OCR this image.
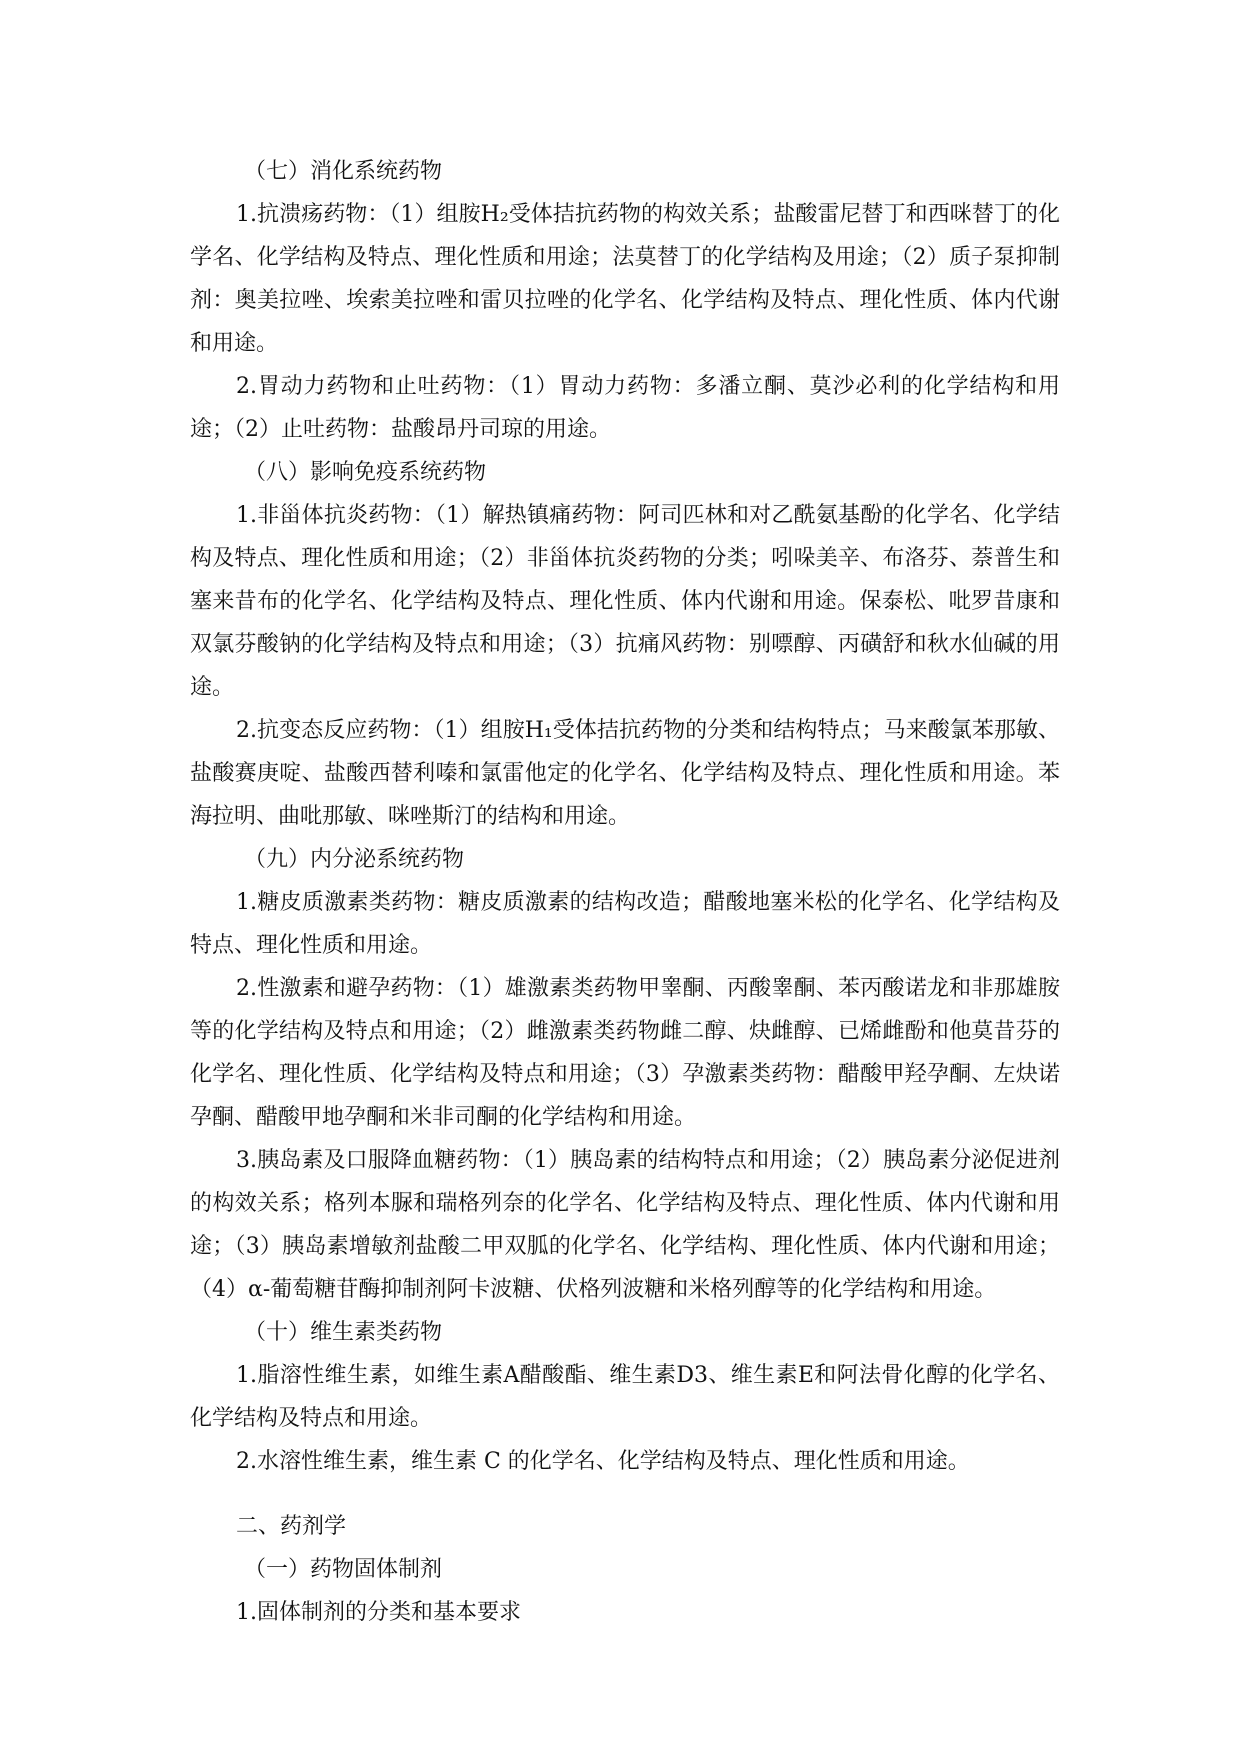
（七）消化系统药物

1.抗溃疡药物：（1）组胺H₂受体拮抗药物的构效关系；盐酸雷尼替丁和西咪替丁的化学名、化学结构及特点、理化性质和用途；法莫替丁的化学结构及用途；（2）质子泵抑制剂：奥美拉唑、埃索美拉唑和雷贝拉唑的化学名、化学结构及特点、理化性质、体内代谢和用途。

2.胃动力药物和止吐药物：（1）胃动力药物：多潘立酮、莫沙必利的化学结构和用途；（2）止吐药物：盐酸昂丹司琼的用途。

（八）影响免疫系统药物

1.非甾体抗炎药物：（1）解热镇痛药物：阿司匹林和对乙酰氨基酚的化学名、化学结构及特点、理化性质和用途；（2）非甾体抗炎药物的分类；吲哚美辛、布洛芬、萘普生和塞来昔布的化学名、化学结构及特点、理化性质、体内代谢和用途。保泰松、吡罗昔康和双氯芬酸钠的化学结构及特点和用途；（3）抗痛风药物：别嘌醇、丙磺舒和秋水仙碱的用途。

2.抗变态反应药物：（1）组胺H₁受体拮抗药物的分类和结构特点；马来酸氯苯那敏、盐酸赛庚啶、盐酸西替利嗪和氯雷他定的化学名、化学结构及特点、理化性质和用途。苯海拉明、曲吡那敏、咪唑斯汀的结构和用途。

（九）内分泌系统药物

1.糖皮质激素类药物：糖皮质激素的结构改造；醋酸地塞米松的化学名、化学结构及特点、理化性质和用途。

2.性激素和避孕药物：（1）雄激素类药物甲睾酮、丙酸睾酮、苯丙酸诺龙和非那雄胺等的化学结构及特点和用途；（2）雌激素类药物雌二醇、炔雌醇、已烯雌酚和他莫昔芬的化学名、理化性质、化学结构及特点和用途；（3）孕激素类药物：醋酸甲羟孕酮、左炔诺孕酮、醋酸甲地孕酮和米非司酮的化学结构和用途。

3.胰岛素及口服降血糖药物：（1）胰岛素的结构特点和用途；（2）胰岛素分泌促进剂的构效关系；格列本脲和瑞格列奈的化学名、化学结构及特点、理化性质、体内代谢和用途；（3）胰岛素增敏剂盐酸二甲双胍的化学名、化学结构、理化性质、体内代谢和用途；（4）α-葡萄糖苷酶抑制剂阿卡波糖、伏格列波糖和米格列醇等的化学结构和用途。

（十）维生素类药物

1.脂溶性维生素，如维生素A醋酸酯、维生素D3、维生素E和阿法骨化醇的化学名、化学结构及特点和用途。

2.水溶性维生素，维生素 C 的化学名、化学结构及特点、理化性质和用途。

二、药剂学

（一）药物固体制剂

1.固体制剂的分类和基本要求
